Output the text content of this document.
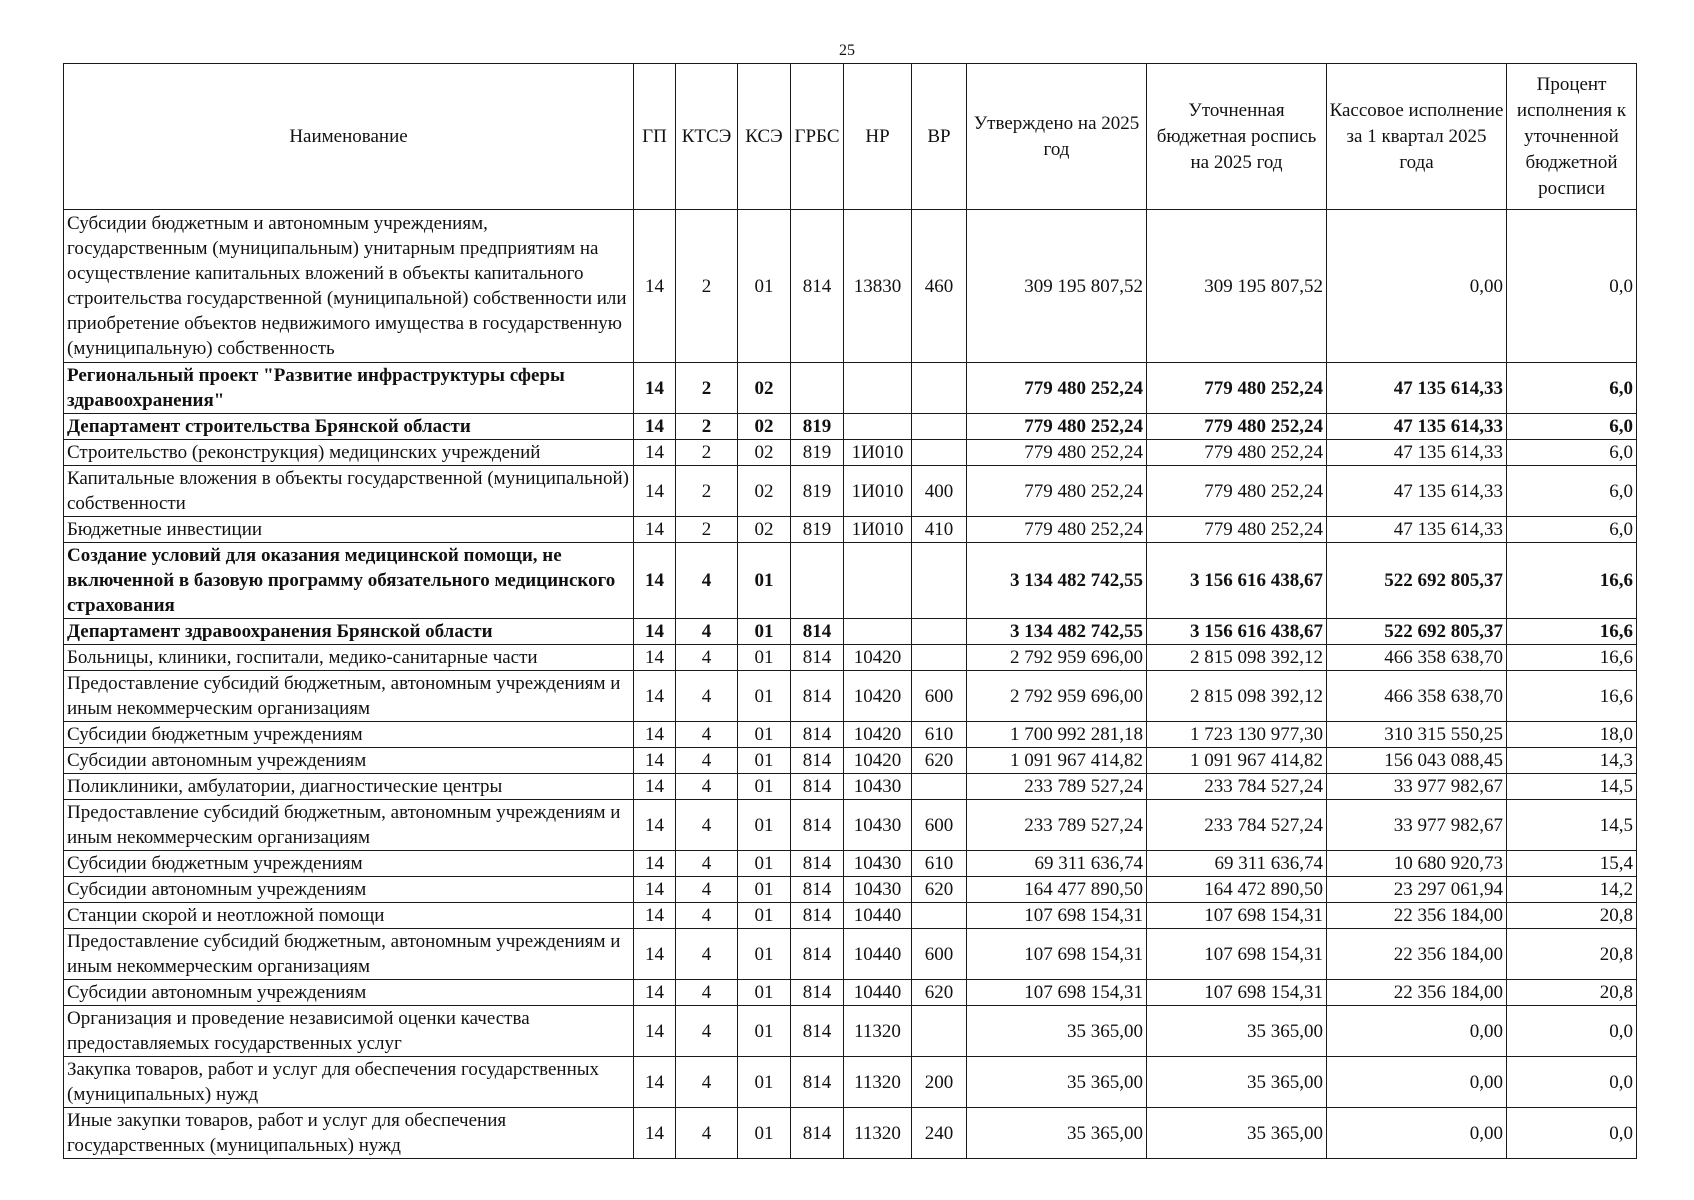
25
Наименование	ГП	КТСЭ	КСЭ	ГРБС	НР	ВР	Утверждено на 2025 год	Уточненная бюджетная роспись на 2025 год	Кассовое исполнение за 1 квартал 2025 года	Процент исполнения к уточненной бюджетной росписи
Субсидии бюджетным и автономным учреждениям, государственным (муниципальным) унитарным предприятиям на осуществление капитальных вложений в объекты капитального строительства государственной (муниципальной) собственности или приобретение объектов недвижимого имущества в государственную (муниципальную) собственность	14	2	01	814	13830	460	309 195 807,52	309 195 807,52	0,00	0,0
Региональный проект "Развитие инфраструктуры сферы здравоохранения"	14	2	02				779 480 252,24	779 480 252,24	47 135 614,33	6,0
Департамент строительства Брянской области	14	2	02	819			779 480 252,24	779 480 252,24	47 135 614,33	6,0
Строительство (реконструкция) медицинских учреждений	14	2	02	819	1И010		779 480 252,24	779 480 252,24	47 135 614,33	6,0
Капитальные вложения в объекты государственной (муниципальной) собственности	14	2	02	819	1И010	400	779 480 252,24	779 480 252,24	47 135 614,33	6,0
Бюджетные инвестиции	14	2	02	819	1И010	410	779 480 252,24	779 480 252,24	47 135 614,33	6,0
Создание условий для оказания медицинской помощи, не включенной в базовую программу обязательного медицинского страхования	14	4	01				3 134 482 742,55	3 156 616 438,67	522 692 805,37	16,6
Департамент здравоохранения Брянской области	14	4	01	814			3 134 482 742,55	3 156 616 438,67	522 692 805,37	16,6
Больницы, клиники, госпитали, медико-санитарные части	14	4	01	814	10420		2 792 959 696,00	2 815 098 392,12	466 358 638,70	16,6
Предоставление субсидий бюджетным, автономным учреждениям и иным некоммерческим организациям	14	4	01	814	10420	600	2 792 959 696,00	2 815 098 392,12	466 358 638,70	16,6
Субсидии бюджетным учреждениям	14	4	01	814	10420	610	1 700 992 281,18	1 723 130 977,30	310 315 550,25	18,0
Субсидии автономным учреждениям	14	4	01	814	10420	620	1 091 967 414,82	1 091 967 414,82	156 043 088,45	14,3
Поликлиники, амбулатории, диагностические центры	14	4	01	814	10430		233 789 527,24	233 784 527,24	33 977 982,67	14,5
Предоставление субсидий бюджетным, автономным учреждениям и иным некоммерческим организациям	14	4	01	814	10430	600	233 789 527,24	233 784 527,24	33 977 982,67	14,5
Субсидии бюджетным учреждениям	14	4	01	814	10430	610	69 311 636,74	69 311 636,74	10 680 920,73	15,4
Субсидии автономным учреждениям	14	4	01	814	10430	620	164 477 890,50	164 472 890,50	23 297 061,94	14,2
Станции скорой и неотложной помощи	14	4	01	814	10440		107 698 154,31	107 698 154,31	22 356 184,00	20,8
Предоставление субсидий бюджетным, автономным учреждениям и иным некоммерческим организациям	14	4	01	814	10440	600	107 698 154,31	107 698 154,31	22 356 184,00	20,8
Субсидии автономным учреждениям	14	4	01	814	10440	620	107 698 154,31	107 698 154,31	22 356 184,00	20,8
Организация и проведение независимой оценки качества предоставляемых государственных услуг	14	4	01	814	11320		35 365,00	35 365,00	0,00	0,0
Закупка товаров, работ и услуг для обеспечения государственных (муниципальных) нужд	14	4	01	814	11320	200	35 365,00	35 365,00	0,00	0,0
Иные закупки товаров, работ и услуг для обеспечения государственных (муниципальных) нужд	14	4	01	814	11320	240	35 365,00	35 365,00	0,00	0,0
